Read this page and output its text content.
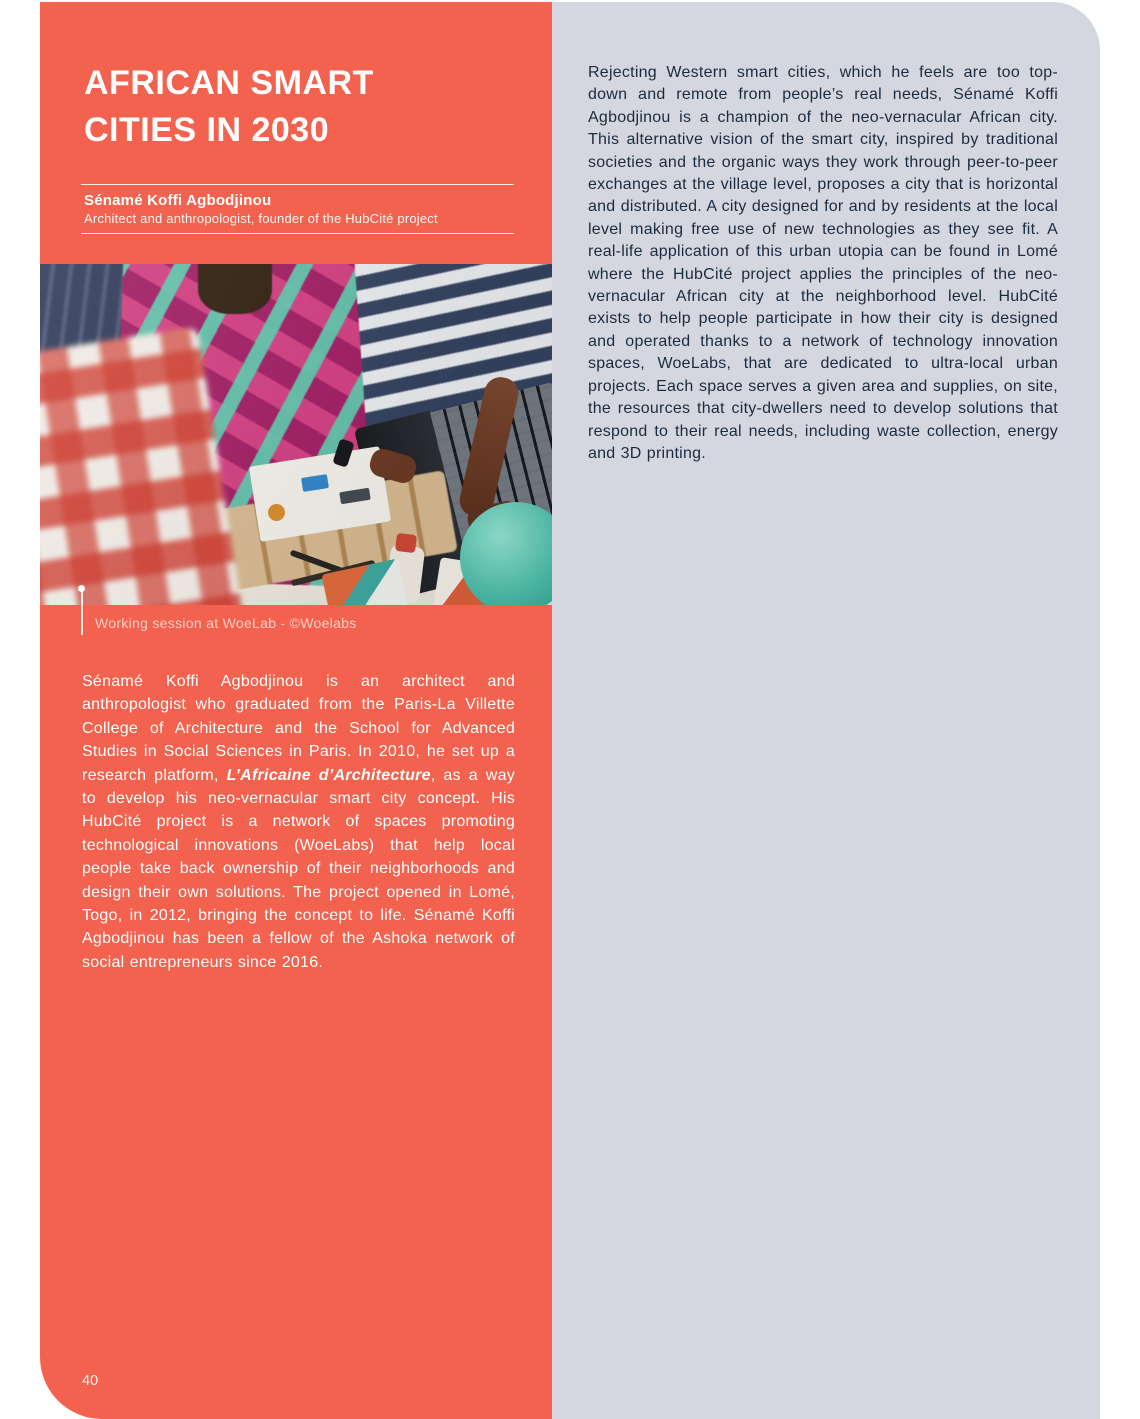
AFRICAN SMART
CITIES IN 2030
Sénamé Koffi Agbodjinou
Architect and anthropologist, founder of the HubCité project
Working session at WoeLab - ©Woelabs

Sénamé Koffi Agbodjinou is an architect and anthropologist who graduated from the Paris-La Villette College of Architecture and the School for Advanced Studies in Social Sciences in Paris. In 2010, he set up a research platform, L’Africaine d’Architecture, as a way to develop his neo-vernacular smart city concept. His HubCité project is a network of spaces promoting technological innovations (WoeLabs) that help local people take back ownership of their neighborhoods and design their own solutions. The project opened in Lomé, Togo, in 2012, bringing the concept to life. Sénamé Koffi Agbodjinou has been a fellow of the Ashoka network of social entrepreneurs since 2016.

40

Rejecting Western smart cities, which he feels are too top-down and remote from people’s real needs, Sénamé Koffi Agbodjinou is a champion of the neo-vernacular African city. This alternative vision of the smart city, inspired by traditional societies and the organic ways they work through peer-to-peer exchanges at the village level, proposes a city that is horizontal and distributed. A city designed for and by residents at the local level making free use of new technologies as they see fit. A real-life application of this urban utopia can be found in Lomé where the HubCité project applies the principles of the neo-vernacular African city at the neighborhood level. HubCité exists to help people participate in how their city is designed and operated thanks to a network of technology innovation spaces, WoeLabs, that are dedicated to ultra-local urban projects. Each space serves a given area and supplies, on site, the resources that city-dwellers need to develop solutions that respond to their real needs, including waste collection, energy and 3D printing.
